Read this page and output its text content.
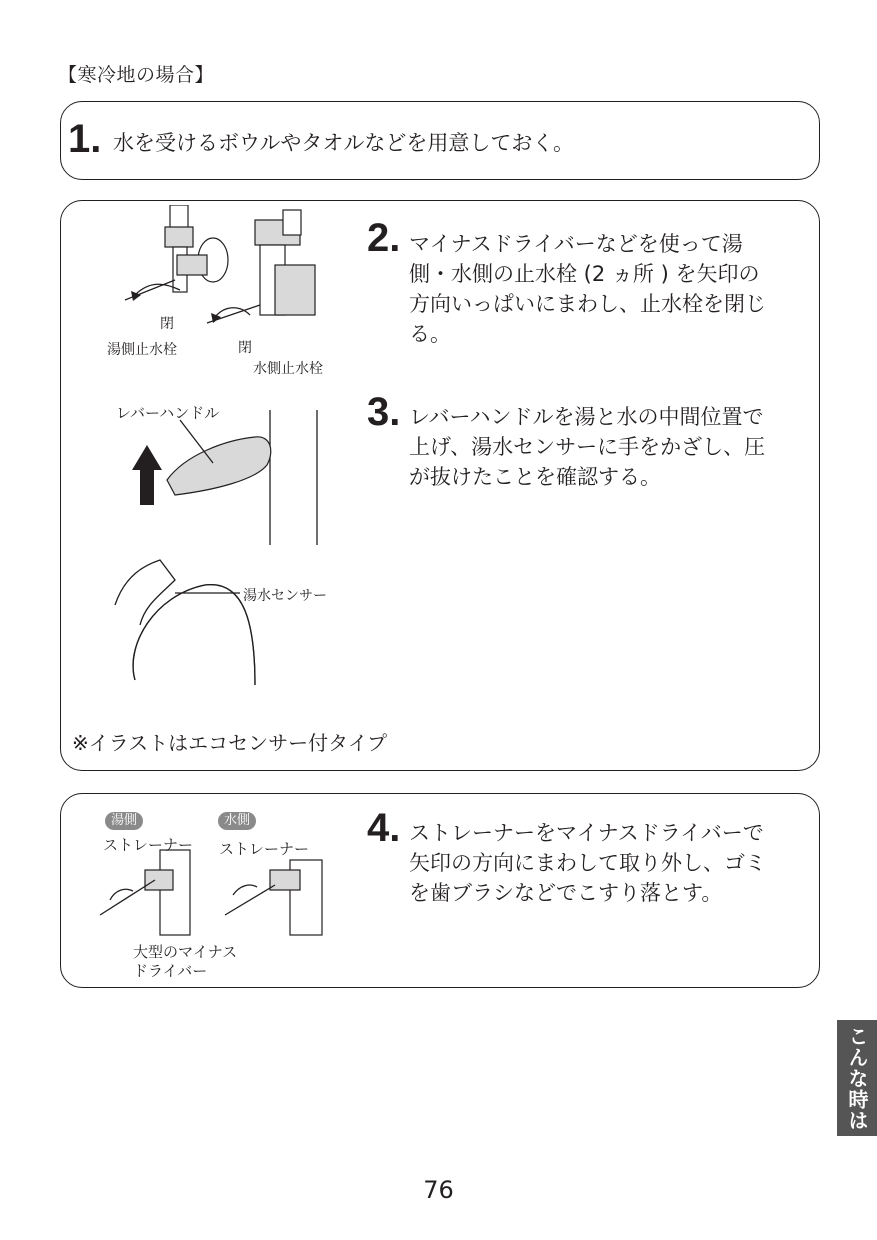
【寒冷地の場合】
1. 水を受けるボウルやタオルなどを用意しておく。
閉
閉
湯側止水栓
水側止水栓
レバーハンドル
湯水センサー
2. マイナスドライバーなどを使って湯
側・水側の止水栓 (2 ヵ所 ) を矢印の
方向いっぱいにまわし、止水栓を閉じ
る。
3. レバーハンドルを湯と水の中間位置で
上げ、湯水センサーに手をかざし、圧
が抜けたことを確認する。
※イラストはエコセンサー付タイプ
湯側	水側
ストレーナー ストレーナー
大型のマイナス
ドライバー
4. ストレーナーをマイナスドライバーで
矢印の方向にまわして取り外し、ゴミ
を歯ブラシなどでこすり落とす。
こんな時は
76
